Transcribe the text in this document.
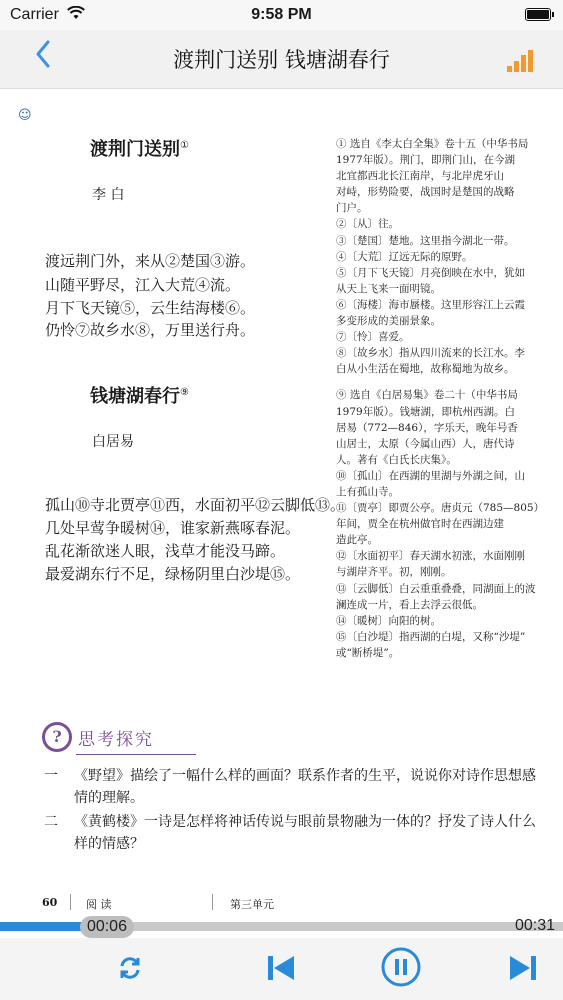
Carrier	9:58 PM
渡荆门送别 钱塘湖春行
☺
渡荆门送别①
李 白
渡远荆门外，来从②楚国③游。
山随平野尽，江入大荒④流。
月下飞天镜⑤，云生结海楼⑥。
仍怜⑦故乡水⑧，万里送行舟。
钱塘湖春行⑨
白居易
孤山⑩寺北贾亭⑪西，水面初平⑫云脚低⑬。
几处早莺争暖树⑭，谁家新燕啄春泥。
乱花渐欲迷人眼，浅草才能没马蹄。
最爱湖东行不足，绿杨阴里白沙堤⑮。
① 选自《李太白全集》卷十五（中华书局
1977年版）。荆门，即荆门山，在今湖
北宜都西北长江南岸，与北岸虎牙山
对峙，形势险要，战国时是楚国的战略
门户。
②〔从〕往。
③〔楚国〕楚地。这里指今湖北一带。
④〔大荒〕辽远无际的原野。
⑤〔月下飞天镜〕月亮倒映在水中，犹如
从天上飞来一面明镜。
⑥〔海楼〕海市蜃楼。这里形容江上云霞
多变形成的美丽景象。
⑦〔怜〕喜爱。
⑧〔故乡水〕指从四川流来的长江水。李
白从小生活在蜀地，故称蜀地为故乡。
⑨ 选自《白居易集》卷二十（中华书局
1979年版）。钱塘湖，即杭州西湖。白
居易（772—846），字乐天，晚年号香
山居士，太原（今属山西）人，唐代诗
人。著有《白氏长庆集》。
⑩〔孤山〕在西湖的里湖与外湖之间，山
上有孤山寺。
⑪〔贾亭〕即贾公亭。唐贞元（785—805）
年间，贾全在杭州做官时在西湖边建
造此亭。
⑫〔水面初平〕春天湖水初涨，水面刚刚
与湖岸齐平。初，刚刚。
⑬〔云脚低〕白云重重叠叠，同湖面上的波
澜连成一片，看上去浮云很低。
⑭〔暖树〕向阳的树。
⑮〔白沙堤〕指西湖的白堤，又称“沙堤”
或“断桥堤”。
? 思考探究
一	《野望》描绘了一幅什么样的画面？联系作者的生平，说说你对诗作思想感情的理解。
二	《黄鹤楼》一诗是怎样将神话传说与眼前景物融为一体的？抒发了诗人什么样的情感？
60	阅 读	第三单元
00:06	00:31
